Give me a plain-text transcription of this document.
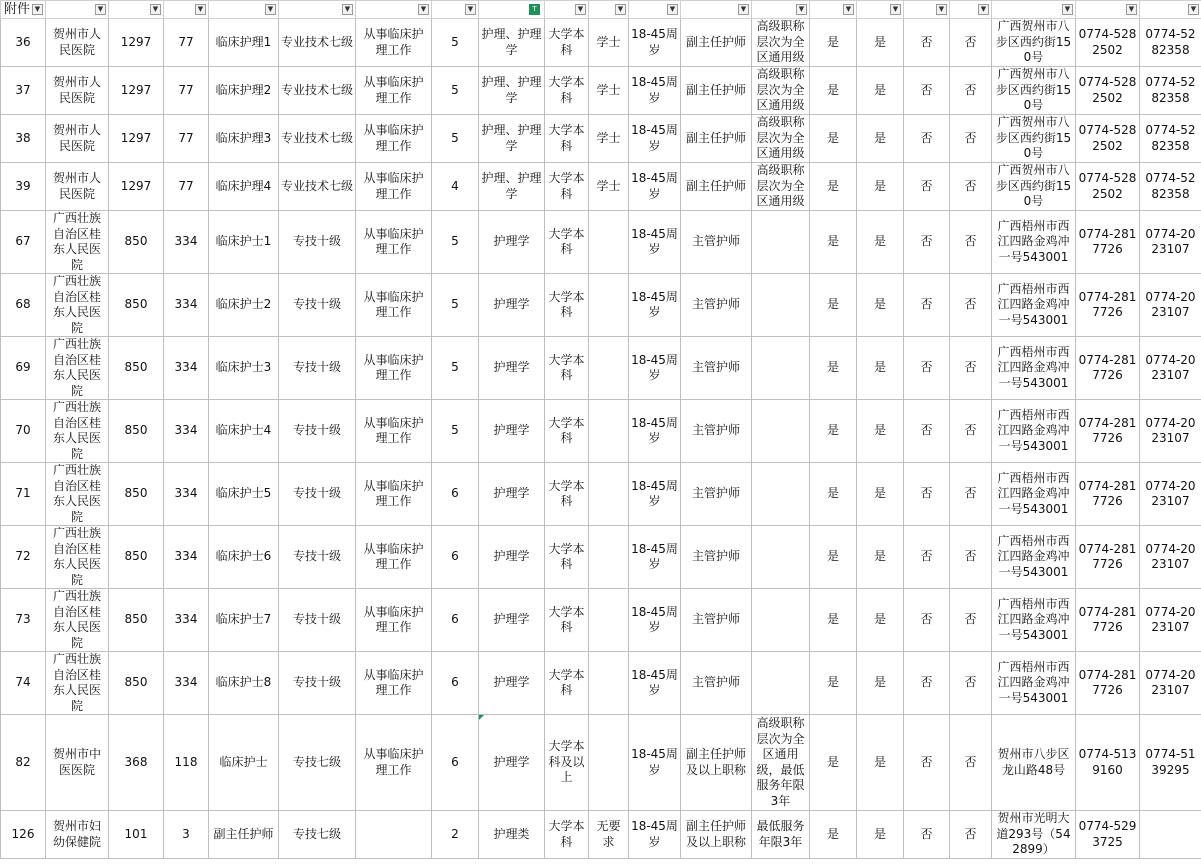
附件 ▼	▼	▼	▼	▼	▼	▼	▼	T	▼	▼	▼	▼	▼	▼	▼	▼	▼	▼	▼	▼

36	贺州市人民医院	1297	77	临床护理1	专业技术七级	从事临床护理工作	5	护理、护理学	大学本科	学士	18-45周岁	副主任护师	高级职称层次为全区通用级	是	是	否	否	广西贺州市八步区西约街150号	0774-5282502	0774-5282358
37	贺州市人民医院	1297	77	临床护理2	专业技术七级	从事临床护理工作	5	护理、护理学	大学本科	学士	18-45周岁	副主任护师	高级职称层次为全区通用级	是	是	否	否	广西贺州市八步区西约街150号	0774-5282502	0774-5282358
38	贺州市人民医院	1297	77	临床护理3	专业技术七级	从事临床护理工作	5	护理、护理学	大学本科	学士	18-45周岁	副主任护师	高级职称层次为全区通用级	是	是	否	否	广西贺州市八步区西约街150号	0774-5282502	0774-5282358
39	贺州市人民医院	1297	77	临床护理4	专业技术七级	从事临床护理工作	4	护理、护理学	大学本科	学士	18-45周岁	副主任护师	高级职称层次为全区通用级	是	是	否	否	广西贺州市八步区西约街150号	0774-5282502	0774-5282358
67	广西壮族自治区桂东人民医院	850	334	临床护士1	专技十级	从事临床护理工作	5	护理学	大学本科		18-45周岁	主管护师		是	是	否	否	广西梧州市西江四路金鸡冲一号543001	0774-2817726	0774-2023107
68	广西壮族自治区桂东人民医院	850	334	临床护士2	专技十级	从事临床护理工作	5	护理学	大学本科		18-45周岁	主管护师		是	是	否	否	广西梧州市西江四路金鸡冲一号543001	0774-2817726	0774-2023107
69	广西壮族自治区桂东人民医院	850	334	临床护士3	专技十级	从事临床护理工作	5	护理学	大学本科		18-45周岁	主管护师		是	是	否	否	广西梧州市西江四路金鸡冲一号543001	0774-2817726	0774-2023107
70	广西壮族自治区桂东人民医院	850	334	临床护士4	专技十级	从事临床护理工作	5	护理学	大学本科		18-45周岁	主管护师		是	是	否	否	广西梧州市西江四路金鸡冲一号543001	0774-2817726	0774-2023107
71	广西壮族自治区桂东人民医院	850	334	临床护士5	专技十级	从事临床护理工作	6	护理学	大学本科		18-45周岁	主管护师		是	是	否	否	广西梧州市西江四路金鸡冲一号543001	0774-2817726	0774-2023107
72	广西壮族自治区桂东人民医院	850	334	临床护士6	专技十级	从事临床护理工作	6	护理学	大学本科		18-45周岁	主管护师		是	是	否	否	广西梧州市西江四路金鸡冲一号543001	0774-2817726	0774-2023107
73	广西壮族自治区桂东人民医院	850	334	临床护士7	专技十级	从事临床护理工作	6	护理学	大学本科		18-45周岁	主管护师		是	是	否	否	广西梧州市西江四路金鸡冲一号543001	0774-2817726	0774-2023107
74	广西壮族自治区桂东人民医院	850	334	临床护士8	专技十级	从事临床护理工作	6	护理学	大学本科		18-45周岁	主管护师		是	是	否	否	广西梧州市西江四路金鸡冲一号543001	0774-2817726	0774-2023107
82	贺州市中医医院	368	118	临床护士	专技七级	从事临床护理工作	6	护理学	大学本科及以上		18-45周岁	副主任护师及以上职称	高级职称层次为全区通用级，最低服务年限3年	是	是	否	否	贺州市八步区龙山路48号	0774-5139160	0774-5139295
126	贺州市妇幼保健院	101	3	副主任护师	专技七级		2	护理类	大学本科	无要求	18-45周岁	副主任护师及以上职称	最低服务年限3年	是	是	否	否	贺州市光明大道293号（542899）	0774-5293725	
